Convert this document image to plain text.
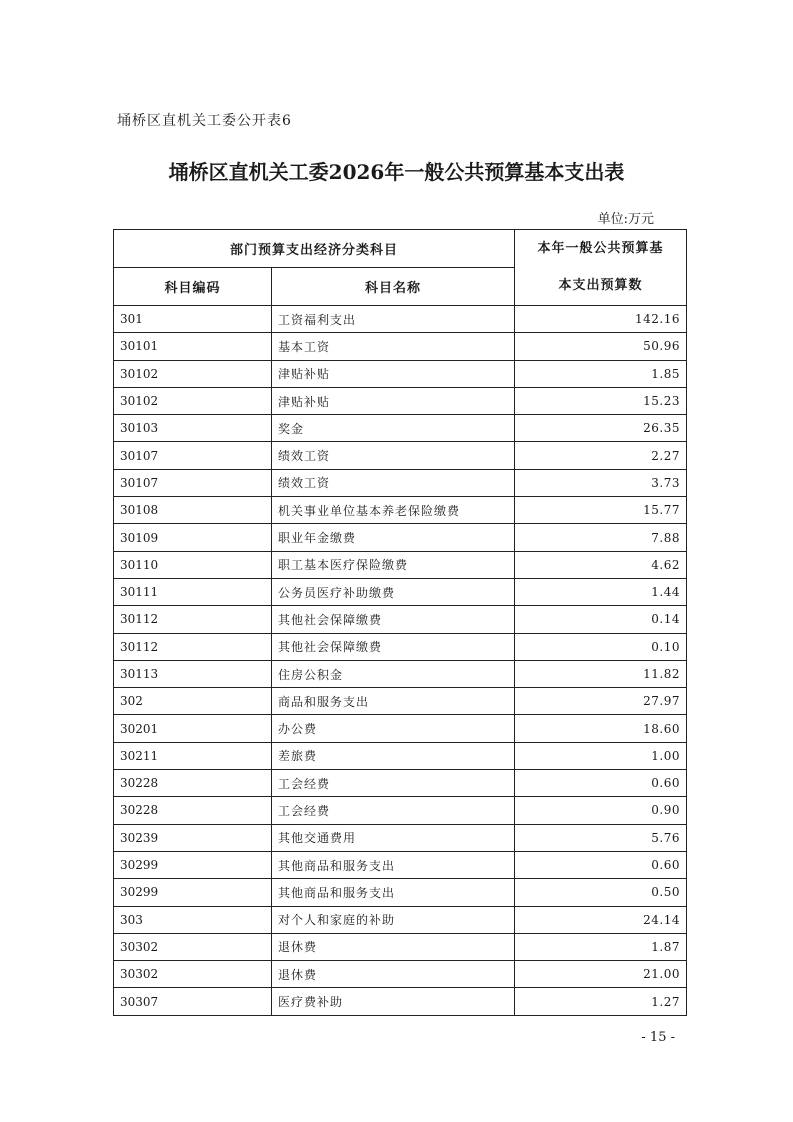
埇桥区直机关工委公开表6
埇桥区直机关工委2026年一般公共预算基本支出表
单位:万元
部门预算支出经济分类科目		本年一般公共预算基
本支出预算数

科目编码	科目名称	
301	工资福利支出	142.16
30101	基本工资	50.96
30102	津贴补贴	1.85
30102	津贴补贴	15.23
30103	奖金	26.35
30107	绩效工资	2.27
30107	绩效工资	3.73
30108	机关事业单位基本养老保险缴费	15.77
30109	职业年金缴费	7.88
30110	职工基本医疗保险缴费	4.62
30111	公务员医疗补助缴费	1.44
30112	其他社会保障缴费	0.14
30112	其他社会保障缴费	0.10
30113	住房公积金	11.82
302	商品和服务支出	27.97
30201	办公费	18.60
30211	差旅费	1.00
30228	工会经费	0.60
30228	工会经费	0.90
30239	其他交通费用	5.76
30299	其他商品和服务支出	0.60
30299	其他商品和服务支出	0.50
303	对个人和家庭的补助	24.14
30302	退休费	1.87
30302	退休费	21.00
30307	医疗费补助	1.27
- 15 -
